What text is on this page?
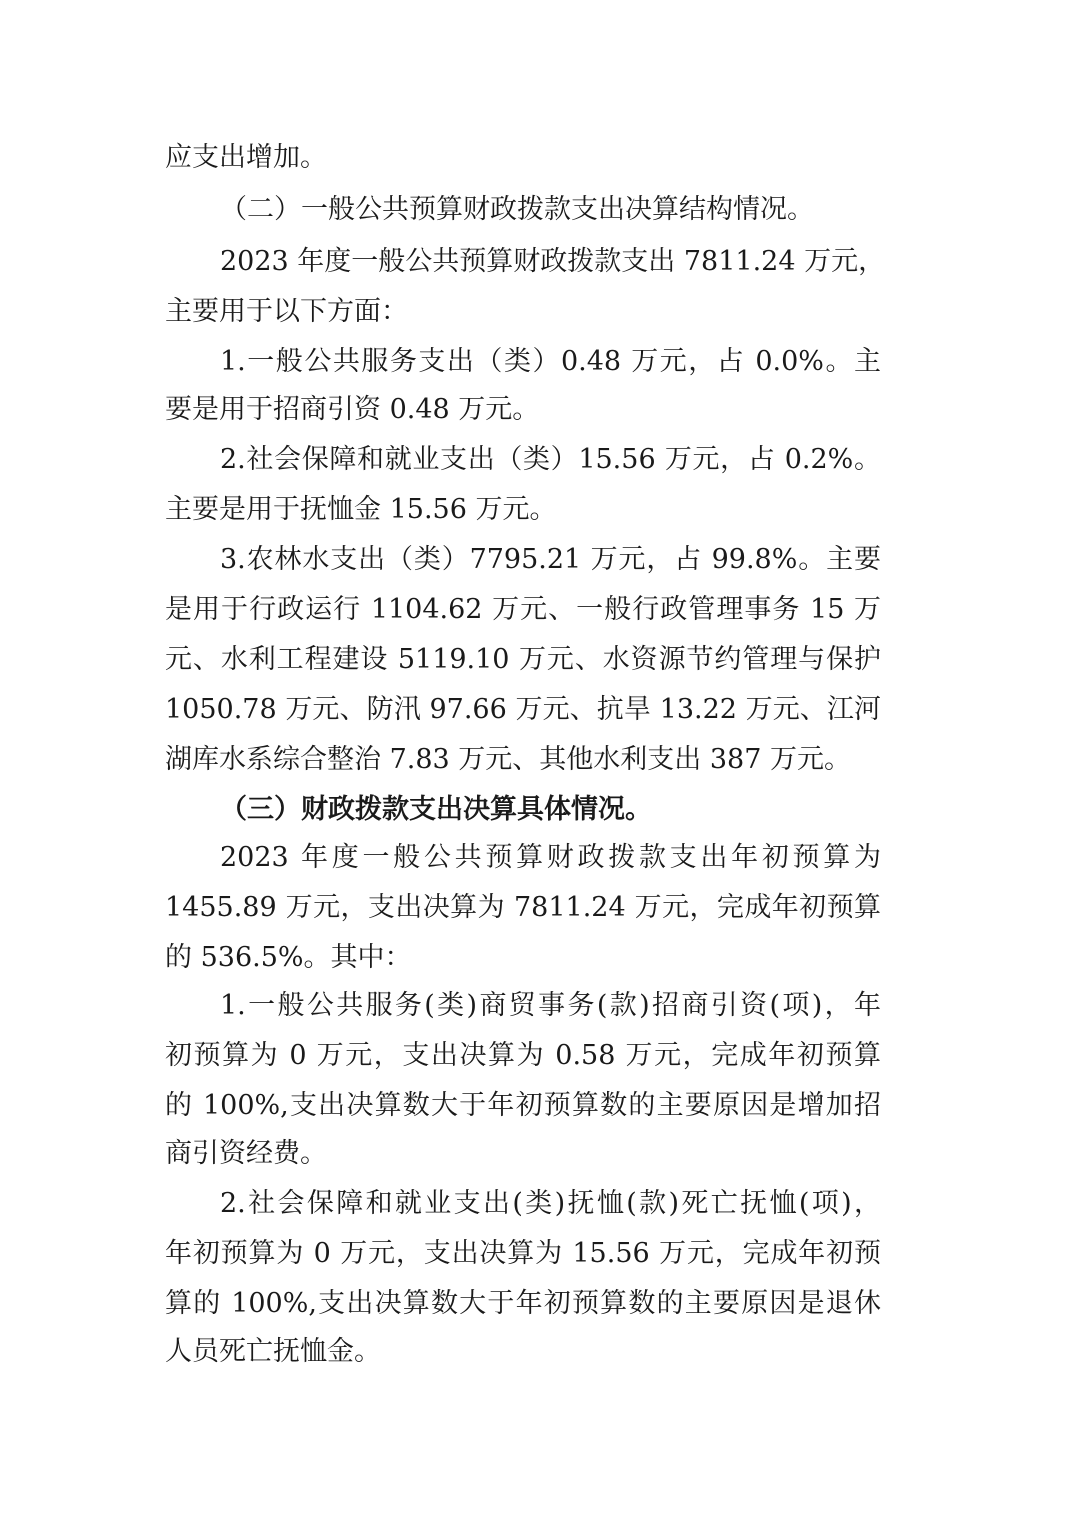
应支出增加。
（二）一般公共预算财政拨款支出决算结构情况。
2023 年度一般公共预算财政拨款支出 7811.24 万元，
主要用于以下方面：
1.一般公共服务支出（类）0.48 万元，占 0.0%。主
要是用于招商引资 0.48 万元。
2.社会保障和就业支出（类）15.56 万元，占 0.2%。
主要是用于抚恤金 15.56 万元。
3.农林水支出（类）7795.21 万元，占 99.8%。主要
是用于行政运行 1104.62 万元、一般行政管理事务 15 万
元、水利工程建设 5119.10 万元、水资源节约管理与保护
1050.78 万元、防汛 97.66 万元、抗旱 13.22 万元、江河
湖库水系综合整治 7.83 万元、其他水利支出 387 万元。
（三）财政拨款支出决算具体情况。
2023 年度一般公共预算财政拨款支出年初预算为
1455.89 万元，支出决算为 7811.24 万元，完成年初预算
的 536.5%。其中：
1.一般公共服务(类)商贸事务(款)招商引资(项)，年
初预算为 0 万元，支出决算为 0.58 万元，完成年初预算
的 100%,支出决算数大于年初预算数的主要原因是增加招
商引资经费。
2.社会保障和就业支出(类)抚恤(款)死亡抚恤(项)，
年初预算为 0 万元，支出决算为 15.56 万元，完成年初预
算的 100%,支出决算数大于年初预算数的主要原因是退休
人员死亡抚恤金。
